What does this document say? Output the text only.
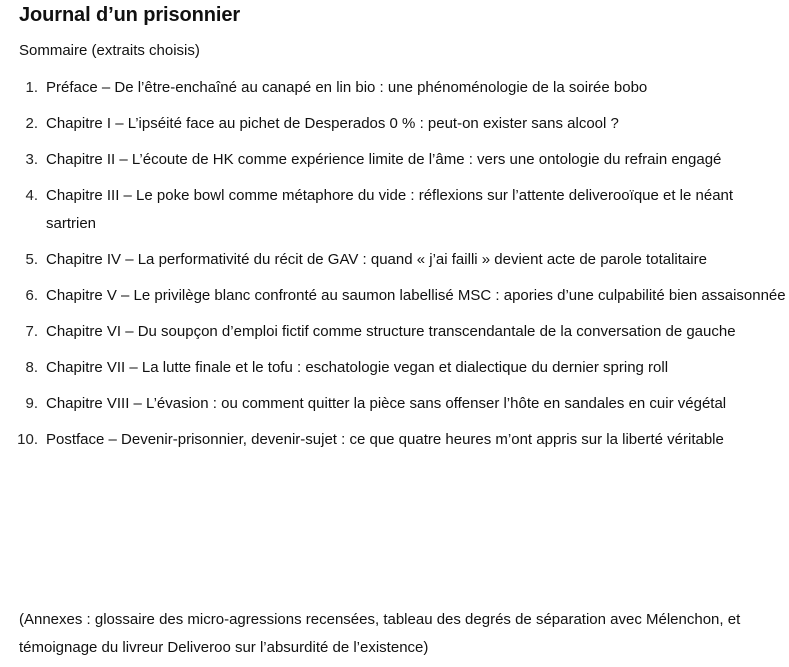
Journal d’un prisonnier
Sommaire (extraits choisis)
1. Préface – De l’être-enchaîné au canapé en lin bio : une phénoménologie de la soirée bobo
2. Chapitre I – L’ipséité face au pichet de Desperados 0 % : peut-on exister sans alcool ?
3. Chapitre II – L’écoute de HK comme expérience limite de l’âme : vers une ontologie du refrain engagé
4. Chapitre III – Le poke bowl comme métaphore du vide : réflexions sur l’attente deliverooïque et le néant sartrien
5. Chapitre IV – La performativité du récit de GAV : quand « j’ai failli » devient acte de parole totalitaire
6. Chapitre V – Le privilège blanc confronté au saumon labellisé MSC : apories d’une culpabilité bien assaisonnée
7. Chapitre VI – Du soupçon d’emploi fictif comme structure transcendantale de la conversation de gauche
8. Chapitre VII – La lutte finale et le tofu : eschatologie vegan et dialectique du dernier spring roll
9. Chapitre VIII – L’évasion : ou comment quitter la pièce sans offenser l’hôte en sandales en cuir végétal
10. Postface – Devenir-prisonnier, devenir-sujet : ce que quatre heures m’ont appris sur la liberté véritable
(Annexes : glossaire des micro-agressions recensées, tableau des degrés de séparation avec Mélenchon, et témoignage du livreur Deliveroo sur l’absurdité de l’existence)
